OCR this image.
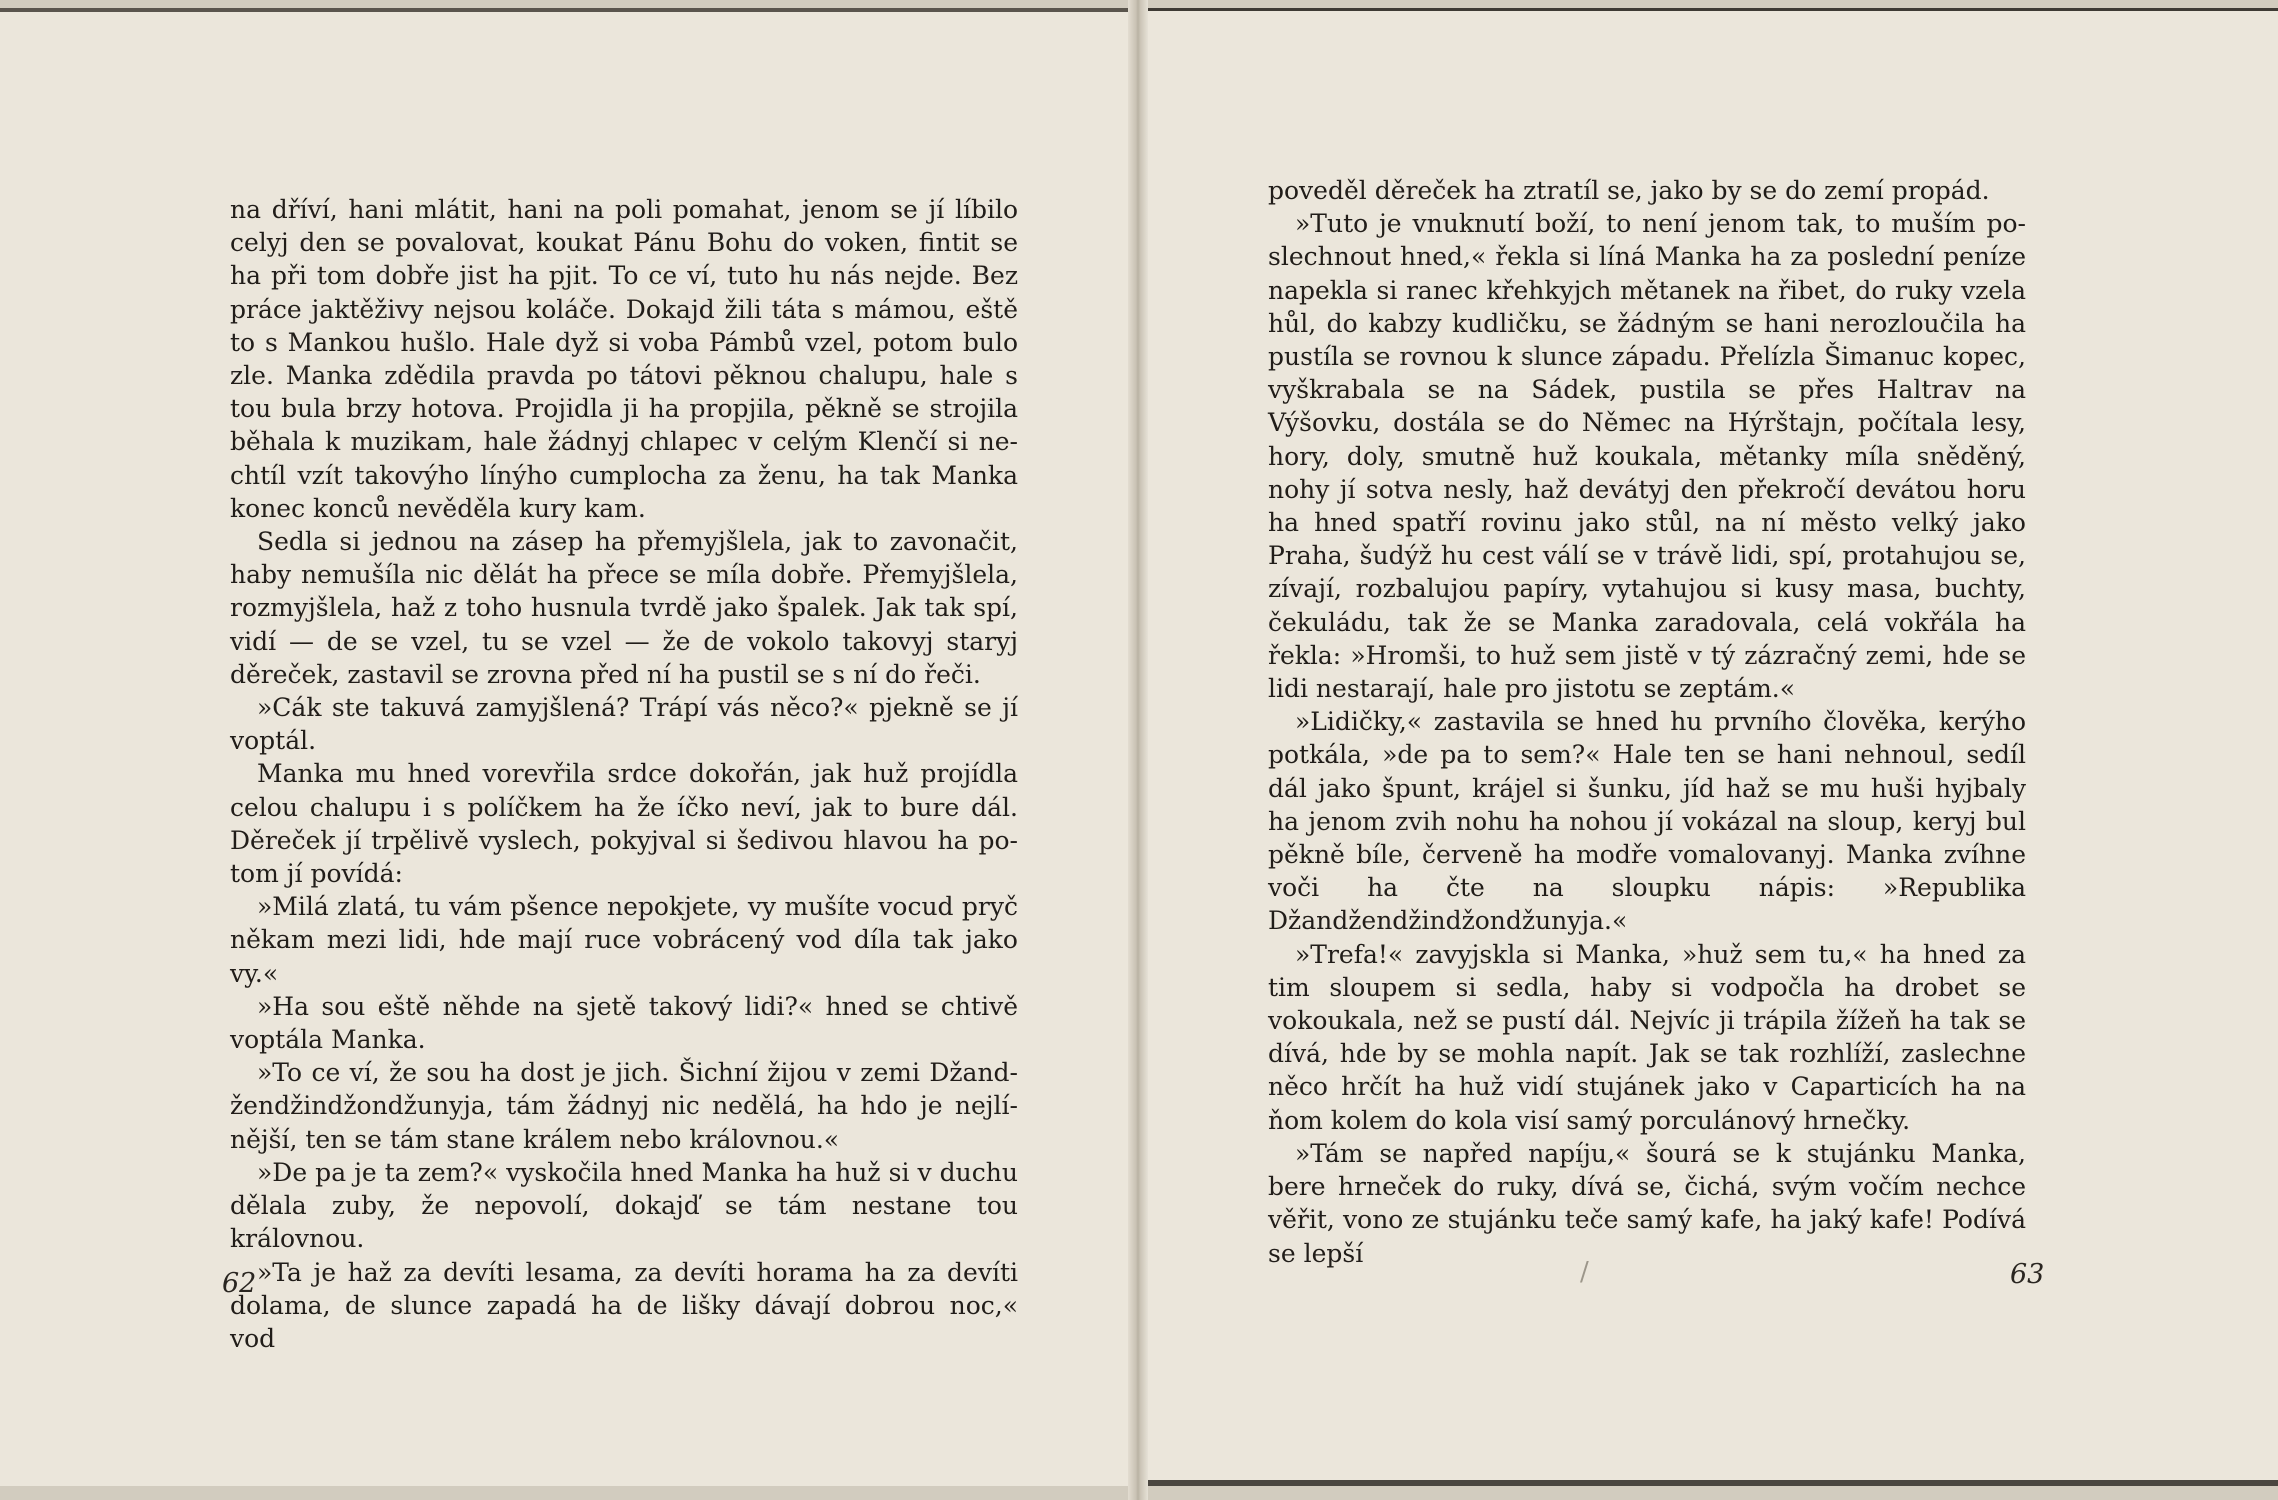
na dříví, hani mlátit, hani na poli pomahat, jenom se jí líbilo celyj den se povalovat, koukat Pánu Bohu do voken, fintit se ha při tom dobře jist ha pjit. To ce ví, tuto hu nás nejde. Bez práce jaktěživy nejsou koláče. Dokajd žili táta s mámou, eště to s Mankou hušlo. Hale dyž si voba Pámbů vzel, potom bulo zle. Manka zdědila pravda po tátovi pěknou chalupu, hale s tou bula brzy hotova. Projidla ji ha propjila, pěkně se strojila běhala k muzikam, hale žádnyj chlapec v celým Klenčí si nechtíl vzít takovýho línýho cumplocha za ženu, ha tak Manka konec konců nevěděla kury kam.

Sedla si jednou na zásep ha přemyjšlela, jak to zavonačit, haby nemušíla nic dělát ha přece se míla dobře. Přemyjšlela, rozmyjšlela, haž z toho husnula tvrdě jako špalek. Jak tak spí, vidí — de se vzel, tu se vzel — že de vokolo takovyj staryj děreček, zastavil se zrovna před ní ha pustil se s ní do řeči.

»Cák ste takuvá zamyjšlená? Trápí vás něco?« pjekně se jí voptál.

Manka mu hned vorevřila srdce dokořán, jak huž projídla celou chalupu i s políčkem ha že íčko neví, jak to bure dál. Děreček jí trpělivě vyslech, pokyjval si šedivou hlavou ha potom jí povídá:

»Milá zlatá, tu vám pšence nepokjete, vy mušíte vocud pryč někam mezi lidi, hde mají ruce vobrácený vod díla tak jako vy.«

»Ha sou eště něhde na sjetě takový lidi?« hned se chtivě voptála Manka.

»To ce ví, že sou ha dost je jich. Šichní žijou v zemi Džandžendžindžondžunyja, tám žádnyj nic nedělá, ha hdo je nejlínější, ten se tám stane králem nebo královnou.«

»De pa je ta zem?« vyskočila hned Manka ha huž si v duchu dělala zuby, že nepovolí, dokajď se tám nestane tou královnou.

»Ta je haž za devíti lesama, za devíti horama ha za devíti dolama, de slunce zapadá ha de lišky dávají dobrou noc,« vod

62

poveděl děreček ha ztratíl se, jako by se do zemí propád.

»Tuto je vnuknutí boží, to není jenom tak, to muším poslechnout hned,« řekla si líná Manka ha za poslední peníze napekla si ranec křehkyjch mětanek na řibet, do ruky vzela hůl, do kabzy kudličku, se žádným se hani nerozloučila ha pustíla se rovnou k slunce západu. Přelízla Šimanuc kopec, vyškrabala se na Sádek, pustila se přes Haltrav na Výšovku, dostála se do Němec na Hýrštajn, počítala lesy, hory, doly, smutně huž koukala, mětanky míla sněděný, nohy jí sotva nesly, haž devátyj den překročí devátou horu ha hned spatří rovinu jako stůl, na ní město velký jako Praha, šudýž hu cest válí se v trávě lidi, spí, protahujou se, zívají, rozbalujou papíry, vytahujou si kusy masa, buchty, čekuládu, tak že se Manka zaradovala, celá vokřála ha řekla: »Hromši, to huž sem jistě v tý zázračný zemi, hde se lidi nestarají, hale pro jistotu se zeptám.«

»Lidičky,« zastavila se hned hu prvního člověka, kerýho potkála, »de pa to sem?« Hale ten se hani nehnoul, sedíl dál jako špunt, krájel si šunku, jíd haž se mu huši hyjbaly ha jenom zvih nohu ha nohou jí vokázal na sloup, keryj bul pěkně bíle, červeně ha modře vomalovanyj. Manka zvíhne voči ha čte na sloupku nápis: »Republika Džandžendžindžondžunyja.«

»Trefa!« zavyjskla si Manka, »huž sem tu,« ha hned za tim sloupem si sedla, haby si vodpočla ha drobet se vokoukala, než se pustí dál. Nejvíc ji trápila žížeň ha tak se dívá, hde by se mohla napít. Jak se tak rozhlíží, zaslechne něco hrčít ha huž vidí stujánek jako v Caparticích ha na ňom kolem do kola visí samý porculánový hrnečky.

»Tám se napřed napíju,« šourá se k stujánku Manka, bere hrneček do ruky, dívá se, čichá, svým vočím nechce věřit, vono ze stujánku teče samý kafe, ha jaký kafe! Podívá se lepší

/	63
